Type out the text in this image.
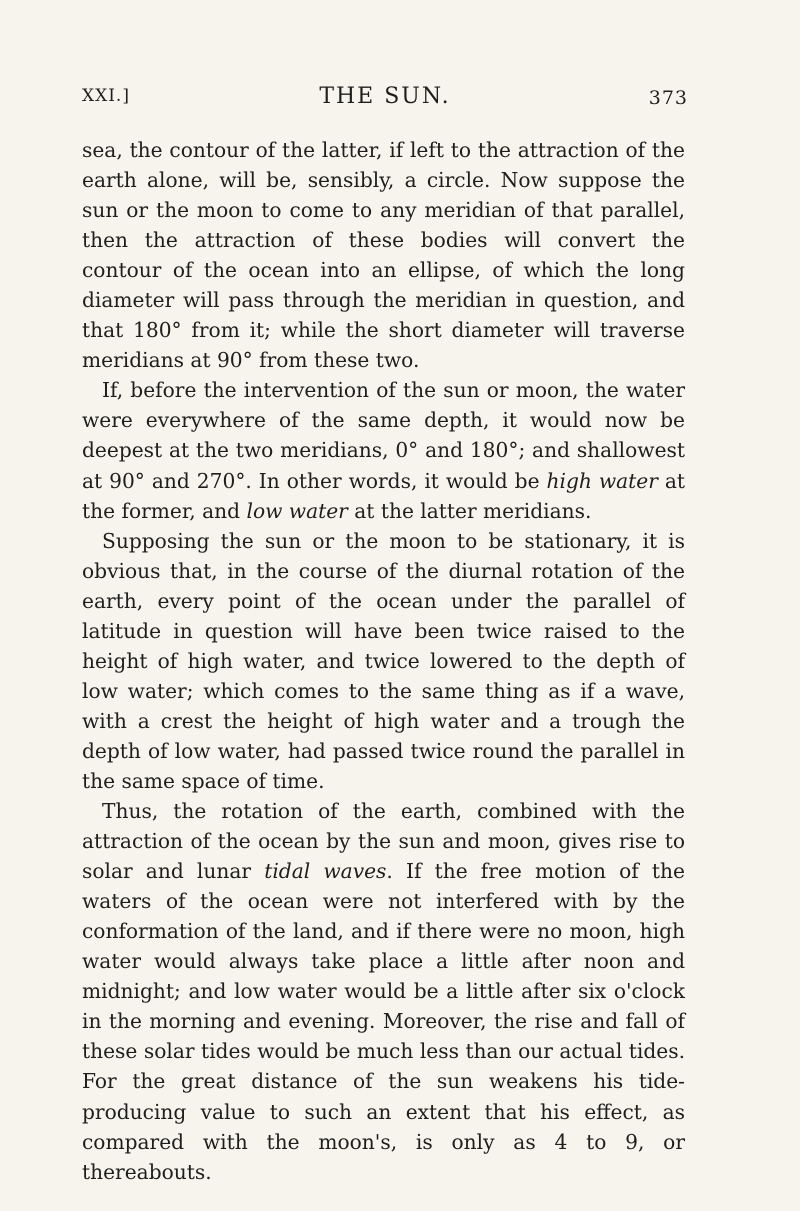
XXI.]	THE SUN.	373

sea, the contour of the latter, if left to the attraction of the earth alone, will be, sensibly, a circle. Now suppose the sun or the moon to come to any meridian of that parallel, then the attraction of these bodies will convert the contour of the ocean into an ellipse, of which the long diameter will pass through the meridian in question, and that 180° from it; while the short diameter will traverse meridians at 90° from these two.

If, before the intervention of the sun or moon, the water were everywhere of the same depth, it would now be deepest at the two meridians, 0° and 180°; and shallowest at 90° and 270°. In other words, it would be high water at the former, and low water at the latter meridians.

Supposing the sun or the moon to be stationary, it is obvious that, in the course of the diurnal rotation of the earth, every point of the ocean under the parallel of latitude in question will have been twice raised to the height of high water, and twice lowered to the depth of low water; which comes to the same thing as if a wave, with a crest the height of high water and a trough the depth of low water, had passed twice round the parallel in the same space of time.

Thus, the rotation of the earth, combined with the attraction of the ocean by the sun and moon, gives rise to solar and lunar tidal waves. If the free motion of the waters of the ocean were not interfered with by the conformation of the land, and if there were no moon, high water would always take place a little after noon and midnight; and low water would be a little after six o'clock in the morning and evening. Moreover, the rise and fall of these solar tides would be much less than our actual tides. For the great distance of the sun weakens his tide-producing value to such an extent that his effect, as compared with the moon's, is only as 4 to 9, or thereabouts.
